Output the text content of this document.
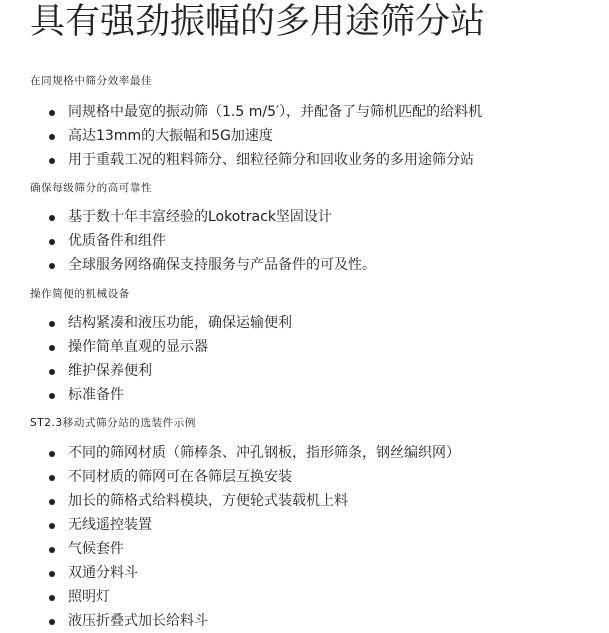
具有强劲振幅的多用途筛分站

在同规格中筛分效率最佳

同规格中最宽的振动筛（1.5 m/5′），并配备了与筛机匹配的给料机
高达13mm的大振幅和5G加速度
用于重载工况的粗料筛分、细粒径筛分和回收业务的多用途筛分站

确保每级筛分的高可靠性

基于数十年丰富经验的Lokotrack坚固设计
优质备件和组件
全球服务网络确保支持服务与产品备件的可及性。

操作简便的机械设备

结构紧凑和液压功能，确保运输便利
操作简单直观的显示器
维护保养便利
标准备件

ST2.3移动式筛分站的选装件示例

不同的筛网材质（筛棒条、冲孔钢板，指形筛条，钢丝编织网）
不同材质的筛网可在各筛层互换安装
加长的筛格式给料模块，方便轮式装载机上料
无线遥控装置
气候套件
双通分料斗
照明灯
液压折叠式加长给料斗
